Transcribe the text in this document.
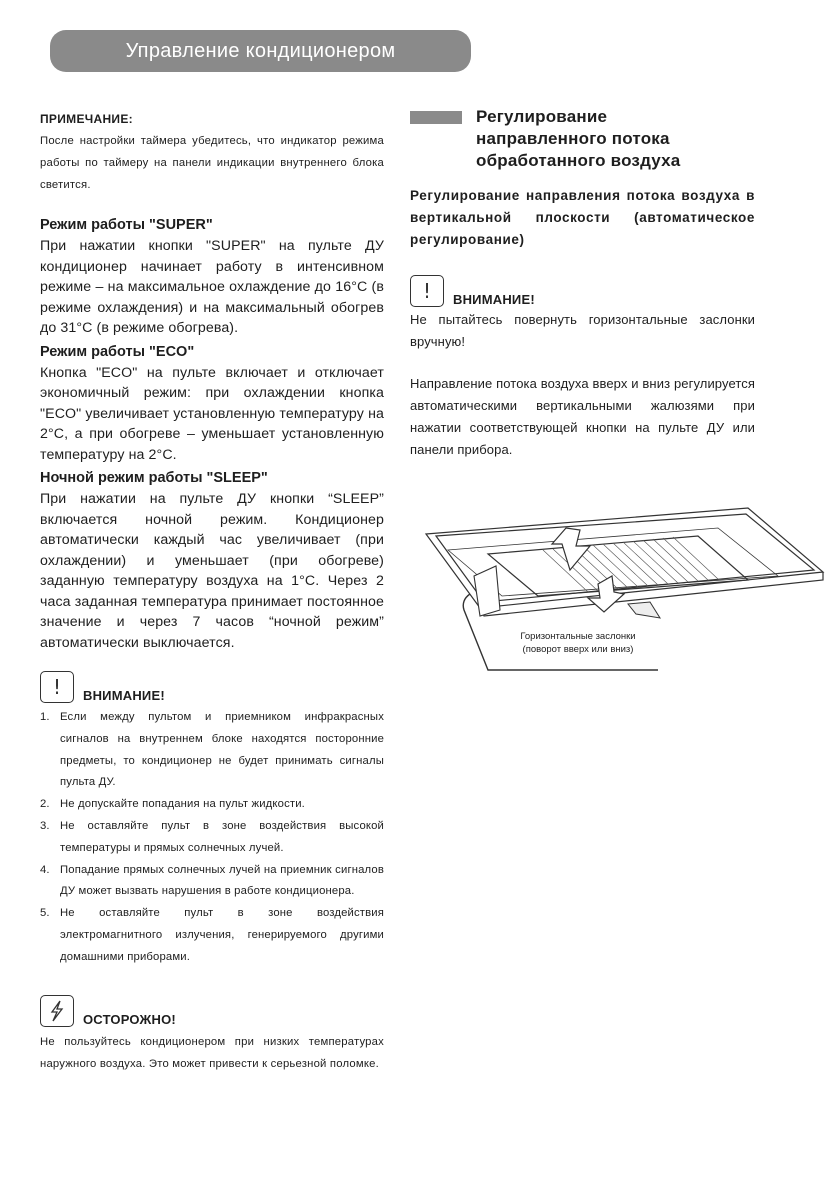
Управление кондиционером

ПРИМЕЧАНИЕ:

После настройки таймера убедитесь, что индикатор режима работы по таймеру на панели индикации внутреннего блока светится.

Режим работы "SUPER"

При нажатии кнопки "SUPER" на пульте ДУ кондиционер начинает работу в интенсивном режиме – на максимальное охлаждение до 16°С (в режиме охлаждения) и на максимальный обогрев до 31°С (в режиме обогрева).

Режим работы "ECO"

Кнопка "ECO" на пульте включает и отключает экономичный режим: при охлаждении кнопка "ECO" увеличивает установленную температуру на 2°С, а при обогреве – уменьшает установленную температуру на 2°С.

Ночной режим работы "SLEEP"

При нажатии на пульте ДУ кнопки “SLEEP” включается ночной режим. Кондиционер автоматически каждый час увеличивает (при охлаждении) и уменьшает (при обогреве) заданную температуру воздуха на 1°С. Через 2 часа заданная температура принимает постоянное значение и через 7 часов “ночной режим” автоматически выключается.

!	ВНИМАНИЕ!
1. Если между пультом и приемником инфракрасных сигналов на внутреннем блоке находятся посторонние предметы, то кондиционер не будет принимать сигналы пульта ДУ.
2. Не допускайте попадания на пульт жидкости.
3. Не оставляйте пульт в зоне воздействия высокой температуры и прямых солнечных лучей.
4. Попадание прямых солнечных лучей на приемник сигналов ДУ может вызвать нарушения в работе кондиционера.
5. Не оставляйте пульт в зоне воздействия электромагнитного излучения, генерируемого другими домашними приборами.
ОСТОРОЖНО!

Не пользуйтесь кондиционером при низких температурах наружного воздуха. Это может привести к серьезной поломке.

Регулирование
направленного потока
обработанного воздуха
Регулирование направления потока воздуха в вертикальной плоскости (автоматическое регулирование)
!	ВНИМАНИЕ!

Не пытайтесь повернуть горизонтальные заслонки вручную!

Направление потока воздуха вверх и вниз регулируется автоматическими вертикальными жалюзями при нажатии соответствующей кнопки на пульте ДУ или панели прибора.

Горизонтальные заслонки
(поворот вверх или вниз)
